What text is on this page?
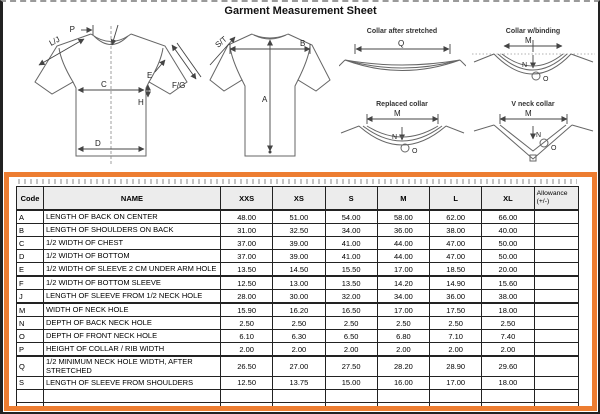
Garment Measurement Sheet
P
L/J
C
E
F/G
H
D
S/T	B
A
Collar after stretched
Q
Collar w/binding
M
N
O
Replaced collar
M
N
O
V neck collar
M
N
O
Code	NAME	XXS	XS	S	M	L	XL	Allowance
(+/-)

A	LENGTH OF BACK ON CENTER	48.00	51.00	54.00	58.00	62.00	66.00	
B	LENGTH OF SHOULDERS ON BACK	31.00	32.50	34.00	36.00	38.00	40.00	
C	1/2 WIDTH OF CHEST	37.00	39.00	41.00	44.00	47.00	50.00	
D	1/2 WIDTH OF BOTTOM	37.00	39.00	41.00	44.00	47.00	50.00	
E	1/2 WIDTH OF SLEEVE 2 CM UNDER ARM HOLE	13.50	14.50	15.50	17.00	18.50	20.00	
F	1/2 WIDTH OF BOTTOM SLEEVE	12.50	13.00	13.50	14.20	14.90	15.60	
J	LENGTH OF SLEEVE FROM 1/2 NECK HOLE	28.00	30.00	32.00	34.00	36.00	38.00	
M	WIDTH OF NECK HOLE	15.90	16.20	16.50	17.00	17.50	18.00	
N	DEPTH OF BACK NECK HOLE	2.50	2.50	2.50	2.50	2.50	2.50	
O	DEPTH OF FRONT NECK HOLE	6.10	6.30	6.50	6.80	7.10	7.40	
P	HEIGHT OF COLLAR / RIB WIDTH	2.00	2.00	2.00	2.00	2.00	2.00	
Q	1/2 MINIMUM NECK HOLE WIDTH, AFTER STRETCHED	26.50	27.00	27.50	28.20	28.90	29.60	
S	LENGTH OF SLEEVE FROM SHOULDERS	12.50	13.75	15.00	16.00	17.00	18.00	
